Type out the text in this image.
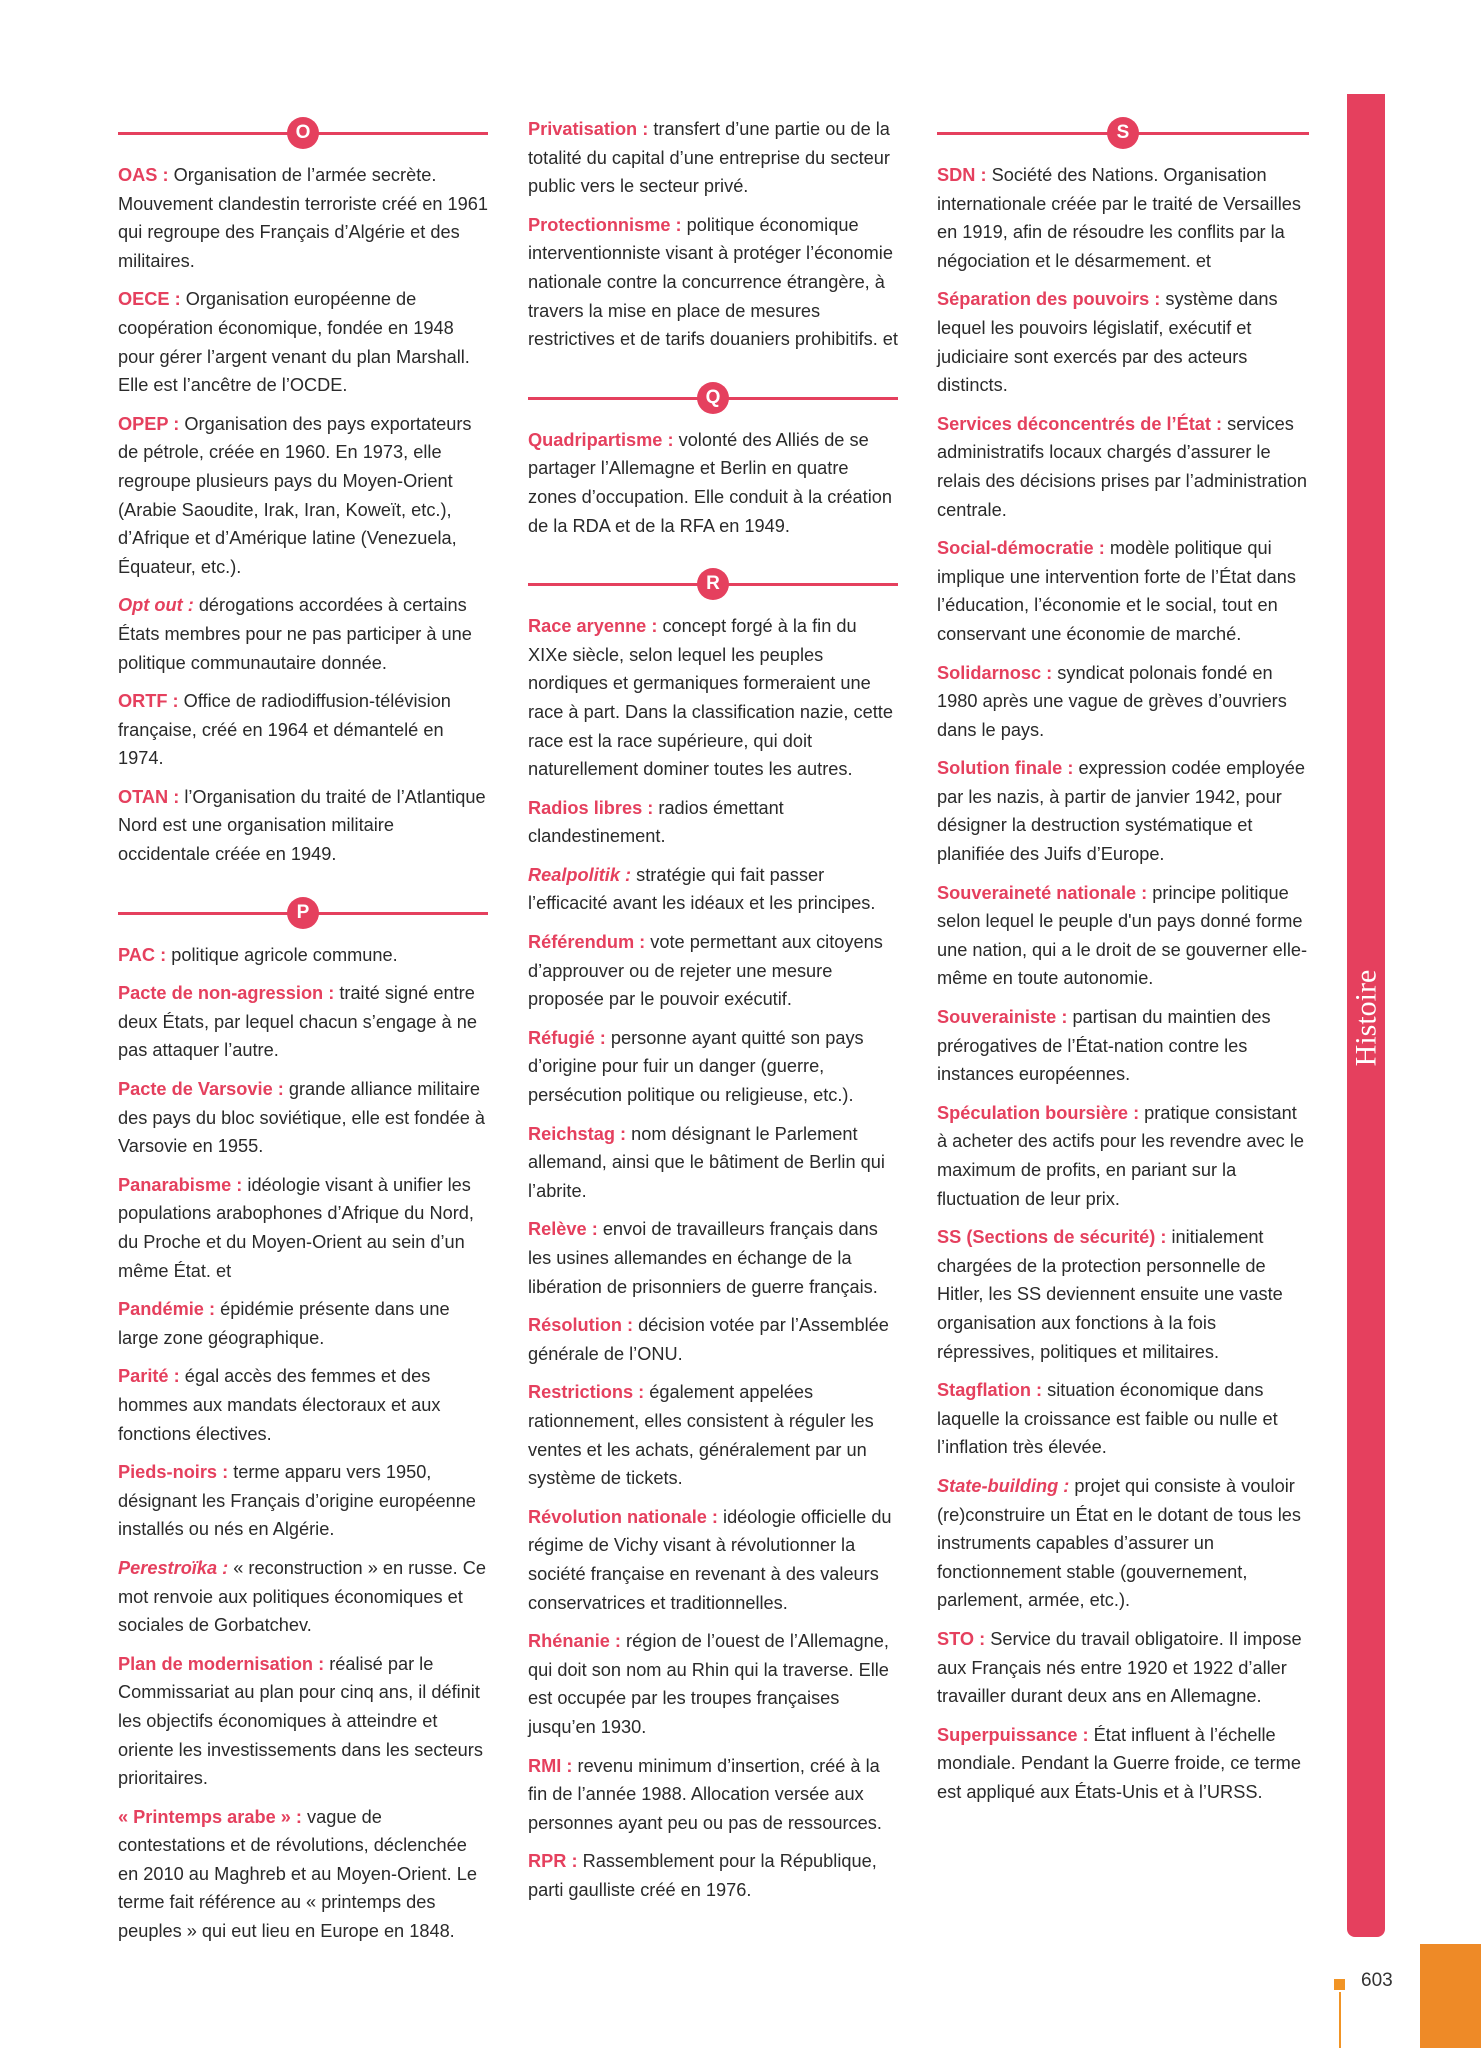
O

OAS : Organisation de l’armée secrète. Mouvement clandestin terroriste créé en 1961 qui regroupe des Français d’Algérie et des militaires.

OECE : Organisation européenne de coopération économique, fondée en 1948 pour gérer l’argent venant du plan Marshall. Elle est l’ancêtre de l’OCDE.

OPEP : Organisation des pays exportateurs de pétrole, créée en 1960. En 1973, elle regroupe plusieurs pays du Moyen-Orient (Arabie Saoudite, Irak, Iran, Koweït, etc.), d’Afrique et d’Amérique latine (Venezuela, Équateur, etc.).

Opt out : dérogations accordées à certains États membres pour ne pas participer à une politique communautaire donnée.

ORTF : Office de radiodiffusion-télévision française, créé en 1964 et démantelé en 1974.

OTAN : l’Organisation du traité de l’Atlantique Nord est une organisation militaire occidentale créée en 1949.

P

PAC : politique agricole commune.

Pacte de non-agression : traité signé entre deux États, par lequel chacun s’engage à ne pas attaquer l’autre.

Pacte de Varsovie : grande alliance militaire des pays du bloc soviétique, elle est fondée à Varsovie en 1955.

Panarabisme : idéologie visant à unifier les populations arabophones d’Afrique du Nord, du Proche et du Moyen-Orient au sein d’un même État. et

Pandémie : épidémie présente dans une large zone géographique.

Parité : égal accès des femmes et des hommes aux mandats électoraux et aux fonctions électives.

Pieds-noirs : terme apparu vers 1950, désignant les Français d’origine européenne installés ou nés en Algérie.

Perestroïka : « reconstruction » en russe. Ce mot renvoie aux politiques économiques et sociales de Gorbatchev.

Plan de modernisation : réalisé par le Commissariat au plan pour cinq ans, il définit les objectifs économiques à atteindre et oriente les investissements dans les secteurs prioritaires.

« Printemps arabe » : vague de contestations et de révolutions, déclenchée en 2010 au Maghreb et au Moyen-Orient. Le terme fait référence au « printemps des peuples » qui eut lieu en Europe en 1848.

Privatisation : transfert d’une partie ou de la totalité du capital d’une entreprise du secteur public vers le secteur privé.

Protectionnisme : politique économique interventionniste visant à protéger l’économie nationale contre la concurrence étrangère, à travers la mise en place de mesures restrictives et de tarifs douaniers prohibitifs. et

Q

Quadripartisme : volonté des Alliés de se partager l’Allemagne et Berlin en quatre zones d’occupation. Elle conduit à la création de la RDA et de la RFA en 1949.

R

Race aryenne : concept forgé à la fin du XIXe siècle, selon lequel les peuples nordiques et germaniques formeraient une race à part. Dans la classification nazie, cette race est la race supérieure, qui doit naturellement dominer toutes les autres.

Radios libres : radios émettant clandestinement.

Realpolitik : stratégie qui fait passer l’efficacité avant les idéaux et les principes.

Référendum : vote permettant aux citoyens d’approuver ou de rejeter une mesure proposée par le pouvoir exécutif.

Réfugié : personne ayant quitté son pays d’origine pour fuir un danger (guerre, persécution politique ou religieuse, etc.).

Reichstag : nom désignant le Parlement allemand, ainsi que le bâtiment de Berlin qui l’abrite.

Relève : envoi de travailleurs français dans les usines allemandes en échange de la libération de prisonniers de guerre français.

Résolution : décision votée par l’Assemblée générale de l’ONU.

Restrictions : également appelées rationnement, elles consistent à réguler les ventes et les achats, généralement par un système de tickets.

Révolution nationale : idéologie officielle du régime de Vichy visant à révolutionner la société française en revenant à des valeurs conservatrices et traditionnelles.

Rhénanie : région de l’ouest de l’Allemagne, qui doit son nom au Rhin qui la traverse. Elle est occupée par les troupes françaises jusqu’en 1930.

RMI : revenu minimum d’insertion, créé à la fin de l’année 1988. Allocation versée aux personnes ayant peu ou pas de ressources.

RPR : Rassemblement pour la République, parti gaulliste créé en 1976.

S

SDN : Société des Nations. Organisation internationale créée par le traité de Versailles en 1919, afin de résoudre les conflits par la négociation et le désarmement. et

Séparation des pouvoirs : système dans lequel les pouvoirs législatif, exécutif et judiciaire sont exercés par des acteurs distincts.

Services déconcentrés de l’État : services administratifs locaux chargés d’assurer le relais des décisions prises par l’administration centrale.

Social-démocratie : modèle politique qui implique une intervention forte de l’État dans l’éducation, l’économie et le social, tout en conservant une économie de marché.

Solidarnosc : syndicat polonais fondé en 1980 après une vague de grèves d’ouvriers dans le pays.

Solution finale : expression codée employée par les nazis, à partir de janvier 1942, pour désigner la destruction systématique et planifiée des Juifs d’Europe.

Souveraineté nationale : principe politique selon lequel le peuple d'un pays donné forme une nation, qui a le droit de se gouverner elle-même en toute autonomie.

Souverainiste : partisan du maintien des prérogatives de l’État-nation contre les instances européennes.

Spéculation boursière : pratique consistant à acheter des actifs pour les revendre avec le maximum de profits, en pariant sur la fluctuation de leur prix.

SS (Sections de sécurité) : initialement chargées de la protection personnelle de Hitler, les SS deviennent ensuite une vaste organisation aux fonctions à la fois répressives, politiques et militaires.

Stagflation : situation économique dans laquelle la croissance est faible ou nulle et l’inflation très élevée.

State-building : projet qui consiste à vouloir (re)construire un État en le dotant de tous les instruments capables d’assurer un fonctionnement stable (gouvernement, parlement, armée, etc.).

STO : Service du travail obligatoire. Il impose aux Français nés entre 1920 et 1922 d’aller travailler durant deux ans en Allemagne.

Superpuissance : État influent à l’échelle mondiale. Pendant la Guerre froide, ce terme est appliqué aux États-Unis et à l’URSS.

Histoire
603
